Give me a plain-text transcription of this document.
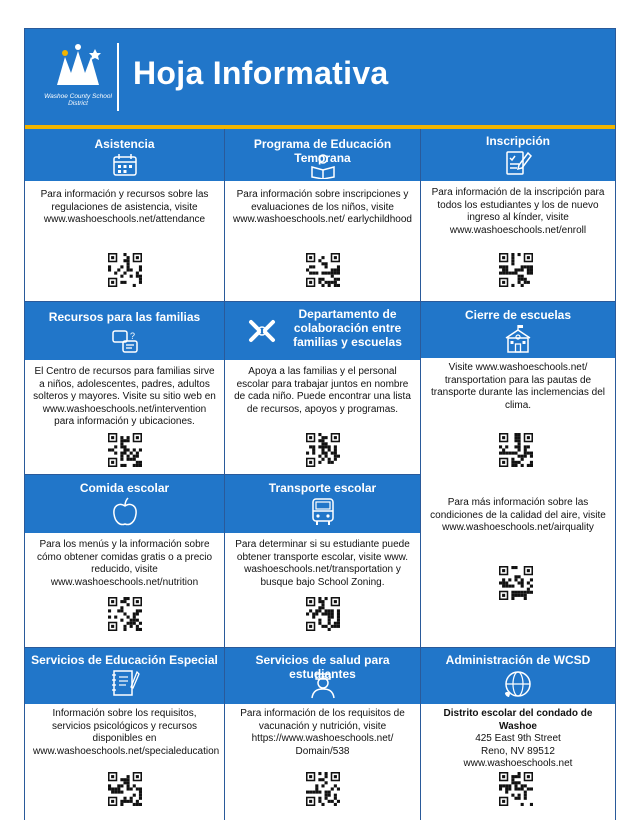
Washoe County School District
Hoja Informativa
Asistencia
Para información y recursos sobre las regulaciones de asistencia, visite www.washoeschools.net/attendance
Programa de Educación Temprana
Para información sobre inscripciones y evaluaciones de los niños, visite www.washoeschools.net/ earlychildhood
Inscripción
Para información de la inscripción para todos los estudiantes y los de nuevo ingreso al kínder, visite www.washoeschools.net/enroll
Recursos para las familias
?
El Centro de recursos para familias sirve a niños, adolescentes, padres, adultos solteros y mayores. Visite su sitio web en www.washoeschools.net/intervention para información y ubicaciones.
Departamento de
colaboración entre
familias y escuelas
Apoya a las familias y el personal escolar para trabajar juntos en nombre de cada niño. Puede encontrar una lista de recursos, apoyos y programas.
Cierre de escuelas
Visite www.washoeschools.net/ transportation para las pautas de transporte durante las inclemencias del clima.
Para más información sobre las condiciones de la calidad del aire, visite www.washoeschools.net/airquality
Comida escolar
Para los menús y la información sobre cómo obtener comidas gratis o a precio reducido, visite www.washoeschools.net/nutrition
Transporte escolar
Para determinar si su estudiante puede obtener transporte escolar, visite www. washoeschools.net/transportation y busque bajo School Zoning.
Servicios de Educación Especial
Información sobre los requisitos, servicios psicológicos y recursos disponibles en www.washoeschools.net/specialeducation
Servicios de salud para estudiantes
Para información de los requisitos de vacunación y nutrición, visite https://www.washoeschools.net/ Domain/538
Administración de WCSD
Distrito escolar del condado de Washoe
425 East 9th Street
Reno, NV 89512
www.washoeschools.net
